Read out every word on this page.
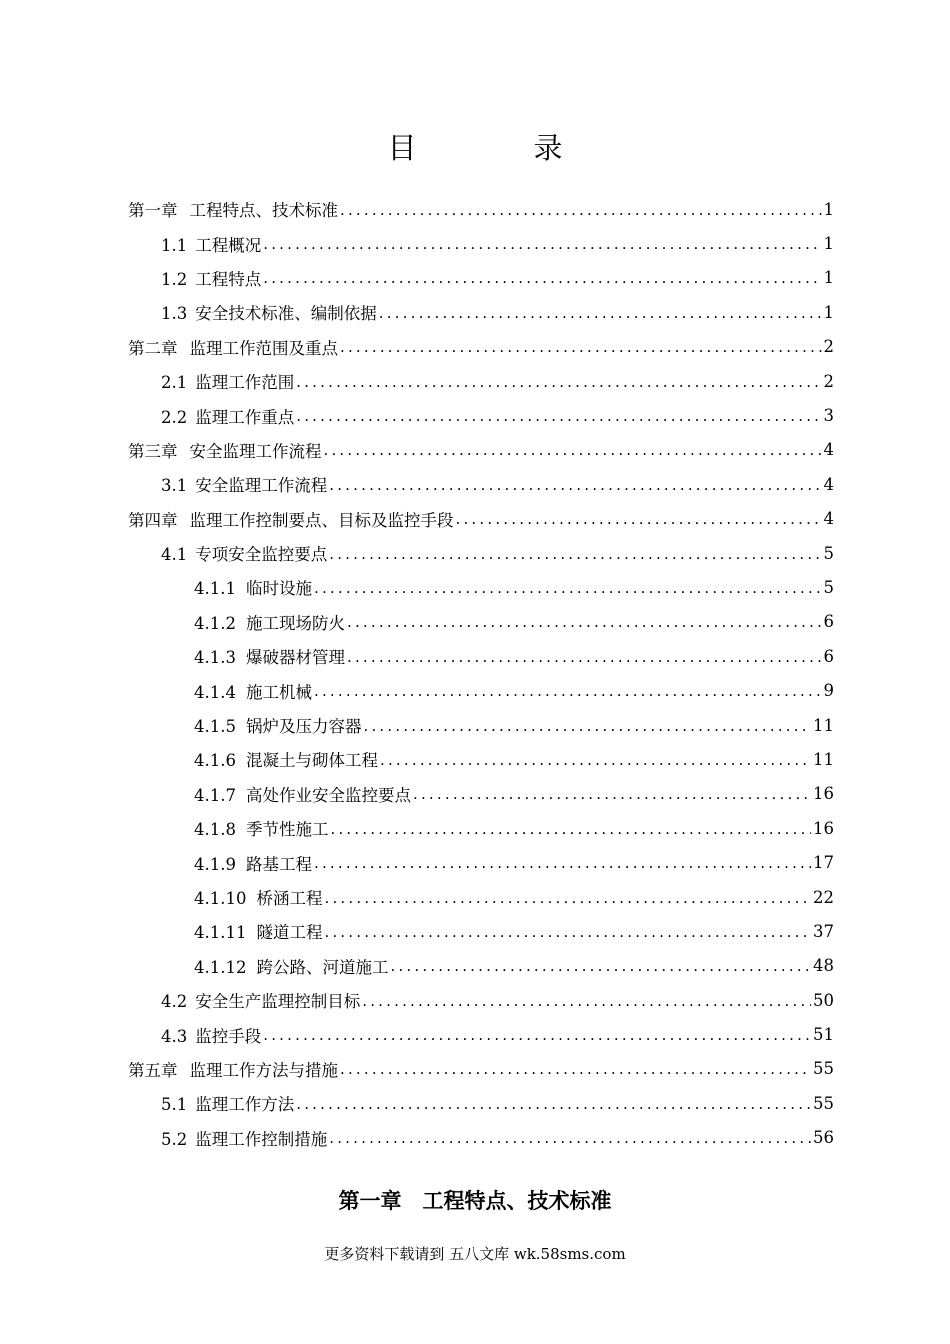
目　录
第一章 工程特点、技术标准 .....	1
1.1 工程概况 .....	1
1.2 工程特点 .....	1
1.3 安全技术标准、编制依据 .....	1
第二章 监理工作范围及重点 .....	2
2.1 监理工作范围 .....	2
2.2 监理工作重点 .....	3
第三章 安全监理工作流程 .....	4
3.1 安全监理工作流程 .....	4
第四章 监理工作控制要点、目标及监控手段 .....	4
4.1 专项安全监控要点 .....	5
4.1.1 临时设施 .....	5
4.1.2 施工现场防火 .....	6
4.1.3 爆破器材管理 .....	6
4.1.4 施工机械 .....	9
4.1.5 锅炉及压力容器 .....	11
4.1.6 混凝土与砌体工程 .....	11
4.1.7 高处作业安全监控要点 .....	16
4.1.8 季节性施工 .....	16
4.1.9 路基工程 .....	17
4.1.10 桥涵工程 .....	22
4.1.11 隧道工程 .....	37
4.1.12 跨公路、河道施工 .....	48
4.2 安全生产监理控制目标 .....	50
4.3 监控手段 .....	51
第五章 监理工作方法与措施 .....	55
5.1 监理工作方法 .....	55
5.2 监理工作控制措施 .....	56
第一章　工程特点、技术标准
更多资料下载请到 五八文库 wk.58sms.com
